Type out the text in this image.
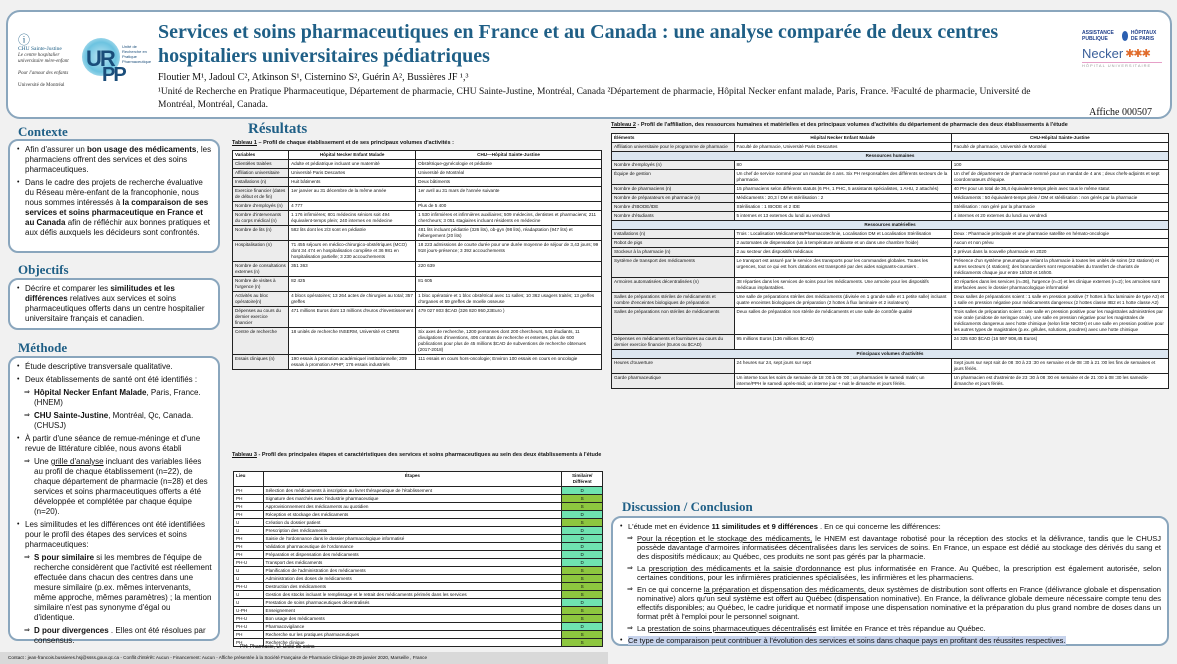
ⓘ
CHU Sainte-Justine
Le centre hospitalier universitaire mère-enfant

Pour l'amour des enfants

Université de Montréal
UR
PP
Unité de Recherche en Pratique Pharmaceutique
Services et soins pharmaceutiques en France et au Canada : une analyse comparée de deux centres hospitaliers universitaires pédiatriques
Floutier M¹, Jadoul C², Atkinson S¹, Cisternino S², Guérin A², Bussières JF ¹,³
¹Unité de Recherche en Pratique Pharmaceutique, Département de pharmacie, CHU Sainte-Justine, Montréal, Canada ²Département de pharmacie, Hôpital Necker enfant malade, Paris, France. ³Faculté de pharmacie, Université de Montréal, Montréal, Canada.
ASSISTANCE PUBLIQUE
HÔPITAUX DE PARIS
Necker ✱✱✱
HÔPITAL UNIVERSITAIRE
Affiche 000507
Contexte
• Afin d'assurer un bon usage des médicaments, les pharmaciens offrent des services et des soins pharmaceutiques.
• Dans le cadre des projets de recherche évaluative du Réseau mère-enfant de la francophonie, nous nous sommes intéressés à la comparaison de ses services et soins pharmaceutique en France et au Canada afin de réfléchir aux bonnes pratiques et aux défis auxquels les décideurs sont confrontés.
Objectifs
• Décrire et comparer les similitudes et les différences relatives aux services et soins pharmaceutiques offerts dans un centre hospitalier universitaire français et canadien.
Méthode
• Étude descriptive transversale qualitative.
• Deux établissements de santé ont été identifiés :
⇒ Hôpital Necker Enfant Malade, Paris, France. (HNEM)
⇒ CHU Sainte-Justine, Montréal, Qc, Canada. (CHUSJ)
• À partir d'une séance de remue-méninge et d'une revue de littérature ciblée, nous avons établi
⇒ Une grille d'analyse incluant des variables liées au profil de chaque établissement (n=22), de chaque département de pharmacie (n=28) et des services et soins pharmaceutiques offerts a été développée et complétée par chaque équipe (n=20).
• Les similitudes et les différences ont été identifiées pour le profil des étapes des services et soins pharmaceutiques:
⇒ S pour similaire si les membres de l'équipe de recherche considèrent que l'activité est réellement effectuée dans chacun des centres dans une mesure similaire (p.ex. mêmes intervenants, même approche, mêmes paramètres) ; la mention similaire n'est pas synonyme d'égal ou d'identique.
⇒ D pour divergences . Elles ont été résolues par consensus.
Résultats
Tableau 1 – Profil de chaque établissement et de ses principaux volumes d'activités :
Variables	Hôpital Necker Enfant Malade	CHU—Hôpital Sainte-Justine
Clientèles traitées	Adulte et pédiatrique incluant une maternité	Obstétrique-gynécologie et pédiatrie
Affiliation universitaire	Université Paris Descartes	Université de Montréal
Installations (n)	Huit bâtiments	Deux bâtiments
Exercice financier (dates de début et de fin)	1er janvier au 31 décembre de la même année	1er avril au 31 mars de l'année suivante
Nombre d'employés (n)	4 777	Plus de 5 400
Nombre d'intervenants du corps médical (n)	1 176 infirmières; 801 médecins séniors soit 494 équivalent-temps plein; 240 internes en médecine	1 530 infirmières et infirmières auxiliaires; 509 médecins, dentistes et pharmaciens; 211 chercheurs; 3 051 stagiaires incluant résidents en médecine
Nombre de lits (n)	582 lits dont les 2/3 sont en pédiatrie	481 lits incluant pédiatrie (326 lits), ob-gyn (98 lits), réadaptation (947 lits) et hébergement (20 lits)
Hospitalisation (n)	71 455 séjours en médico-chirurgico-obstétriques (MCO) dont 34 474 en hospitalisation complète et 36 981 en hospitalisation partielle; 3 230 accouchements	18 223 admissions de courte durée pour une durée moyenne de séjour de 3,43 jours; 99 918 jours-présence; 3 392 accouchements
Nombre de consultations externes (n)	351 363	220 639
Nombre de visites à l'urgence (n)	82 425	81 605
Activités au bloc opératoire(n)	4 blocs opératoires; 13 264 actes de chirurgies au total; 357 greffes	1 bloc opératoire et 1 bloc obstétrical avec 11 salles; 10 362 usagers traités; 13 greffes d'organes et 59 greffes de moelle osseuse
Dépenses au cours du dernier exercice financier	471 millions Euros dont 13 millions d'euros d'investissement	479 027 803 $CAD (326 820 950,23Euro )
Centre de recherche	18 unités de recherche INSERM, Université et CNRS	Six axes de recherche, 1200 personnes dont 200 chercheurs, 543 étudiants, 11 divulgations d'inventions, 406 contrats de recherche et ententes, plus de 600 publications pour plus de 45 millions $CAD de subventions de recherche obtenues (2017-2018)
Essais cliniques (n)	190 essais à promotion académique/ institutionnelle; 209 essais à promotion APHP; 176 essais industriels	111 essais en cours hors-oncologie; Environ 100 essais en cours en oncologie
Tableau 3 - Profil des principales étapes et caractéristiques des services et soins pharmaceutiques au sein des deux établissements à l'étude
Lieu	Étapes	Similaire/ Différent
PH	Sélection des médicaments à inscription au livret thérapeutique de l'établissement	D
PH	Signature des marchés avec l'industrie pharmaceutique	S
PH	Approvisionnement des médicaments au quotidien	S
PH	Réception et stockage des médicaments	D
U	Création du dossier patient	S
U	Prescription des médicaments	D
PH	Saisie de l'ordonnance dans le dossier pharmacologique informatisé	D
PH	Validation pharmaceutique de l'ordonnance	D
PH	Préparation et dispensation des médicaments	D
PH-U	Transport des médicaments	D
U	Planification de l'administration des médicaments	S
U	Administration des doses de médicaments	S
PH-U	Destruction des médicaments	S
U	Gestion des stocks incluant le remplissage et le retrait des médicaments périmés dans les services	S
U	Prestation de soins pharmaceutiques décentralisés	D
U-PH	Enseignement	S
PH-U	Bon usage des médicaments	S
PH-U	Pharmacovigilance	D
PH	Recherche sur les pratiques pharmaceutiques	S
PH	Recherche clinique	S
PH: Pharmacie, U: Unité de soins
Tableau 2 - Profil de l'affiliation, des ressources humaines et matérielles et des principaux volumes d'activités du département de pharmacie des deux établissements à l'étude
Éléments	Hôpital Necker Enfant Malade	CHU-Hôpital Sainte-Justine
Affiliation universitaire pour le programme de pharmacie	Faculté de pharmacie, Université Paris Descartes	Faculté de pharmacie, Université de Montréal
Ressources humaines		
Nombre d'employés (n)	80	100
Équipe de gestion	Un chef de service nommé pour un mandat de 4 ans. Six PH responsables des différents secteurs de la pharmacie.	Un chef de département de pharmacie nommé pour un mandat de 4 ans ; deux chefs-adjoints et sept coordonnateurs d'équipe.
Nombre de pharmaciens (n)	15 pharmaciens selon différents statuts (6 PH, 1 PHC, 5 assistants spécialistes, 1 AHU, 2 attachés)	40 PH pour un total de 36,4 équivalent-temps plein avec tous le même statut
Nombre de préparateurs en pharmacie (n)	Médicaments : 20,3 / DM et stérilisation : 2	Médicaments : 50 équivalent-temps plein / DM et stérilisation : non gérés par la pharmacie
Nombre d'IBODE/IDE	Stérilisation : 1 IBODE et 2 IDE	Stérilisation : non géré par la pharmacie
Nombre d'étudiants	5 internes et 13 externes du lundi au vendredi	4 internes et 20 externes du lundi au vendredi
Ressources matérielles		
Installations (n)	Trois : Localisation Médicaments/Pharmacotechnie, Localisation DM et Localisation Stérilisation	Deux : Pharmacie principale et une pharmacie satellite en hémato-oncologie
Robot de pigs	2 automates de dispensation (un à température ambiante et un dans une chambre froide)	Aucun et non prévu
Stockeur à la pharmacie (n)	2 au secteur des dispositifs médicaux	2 prévus dans la nouvelle pharmacie en 2020
Système de transport des médicaments	Le transport est assuré par le service des transports pour les commandes globales. Toutes les urgences, tout ce qui est hors dotations est transporté par des aides soignants-coursiers .	Présence d'un système pneumatique reliant la pharmacie à toutes les unités de soins (22 stations) et autres secteurs (4 stations); des brancardiers sont responsables du transfert de chariots de médicaments chaque jour entre 15h30 et 16h00.
Armoires automatisées décentralisées (n)	38 réparties dans les services de soins pour les médicaments. Une armoire pour les dispositifs médicaux implantables.	40 réparties dans les services (n=36), l'urgence (n=2) et les clinique externes (n=2); les armoires sont interfacées avec le dossier pharmacologique informatisé
Salles de préparations stériles de médicaments et nombre d'enceintes biologiques de préparation	Une salle de préparations stériles des médicaments (divisée en 1 grande salle et 1 petite salle) incluant quatre enceintes biologiques de préparation (2 hottes à flux laminaire et 2 isolateurs)	Deux salles de préparations soient : 1 salle en pression positive (7 hottes à flux laminaire de type A2) et 1 salle en pression négative pour médicaments dangereux (2 hottes classe IIB2 et 1 hotte classe A2)
Salles de préparations non stériles de médicaments	Deux salles de préparation non stérile de médicaments et une salle de contrôle qualité	Trois salles de préparation soient : une salle en pression positive pour les magistrales administrées par voie orale (unidose de seringue orale), une salle en pression négative pour les magistrales de médicaments dangereux avec hotte chimique (selon liste NIOSH) et une salle en pression positive pour les autres types de magistrales (p.ex. gélules, solutions, poudres) avec une hotte chimique
Dépenses en médicaments et fournitures au cours du dernier exercice financier (Euros ou $CAD)	95 millions Euros (136 millions $CAD)	24 325 630 $CAD (16 597 908,45 Euros)
Principaux volumes d'activités		
Heures d'ouverture	24 heures sur 24, sept jours sur sept	Sept jours sur sept soit de 08 :00 à 23 :30 en semaine et de 08 :30 à 21 :00 les fins de semaines et jours fériés.
Garde pharmaceutique	Un interne tous les soirs de semaine de 18 :00 à 09 :00 ; un pharmacien le samedi matin; un interne/PPH le samedi après-midi; un interne jour + nuit le dimanche et jours fériés.	Un pharmacien est d'astreinte de 23 :30 à 08 :00 en semaine et de 21 :00 à 08 :30 les samedis-dimanche et jours fériés.
Discussion / Conclusion
• L'étude met en évidence 11 similitudes et 9 différences . En ce qui concerne les différences:
⇒ Pour la réception et le stockage des médicaments, le HNEM est davantage robotisé pour la réception des stocks et la délivrance, tandis que le CHUSJ possède davantage d'armoires informatisées décentralisées dans les services de soins. En France, un espace est dédié au stockage des dérivés du sang et des dispositifs médicaux; au Québec, ces produits ne sont pas gérés par la pharmacie.
⇒ La prescription des médicaments et la saisie d'ordonnance est plus informatisée en France. Au Québec, la prescription est également autorisée, selon certaines conditions, pour les infirmières praticiennes spécialisées, les infirmières et les pharmaciens.
⇒ En ce qui concerne la préparation et dispensation des médicaments, deux systèmes de distribution sont offerts en France (délivrance globale et dispensation nominative) alors qu'un seul système est offert au Québec (dispensation nominative). En France, la délivrance globale demeure nécessaire compte tenu des effectifs disponibles; au Québec, le cadre juridique et normatif impose une dispensation nominative et la préparation du plus grand nombre de doses dans un format prêt à l'emploi pour le personnel soignant.
⇒ La prestation de soins pharmaceutiques décentralisés est limitée en France et très répandue au Québec.
• Ce type de comparaison peut contribuer à l'évolution des services et soins dans chaque pays en profitant des réussites respectives.
Contact : jean-francois.bussieres.hsj@ssss.gouv.qc.ca - Conflit d'intérêt: Aucun - Financement: Aucun - Affiche présentée à la Société Française de Pharmacie Clinique 28-29 janvier 2020, Marseille , France
